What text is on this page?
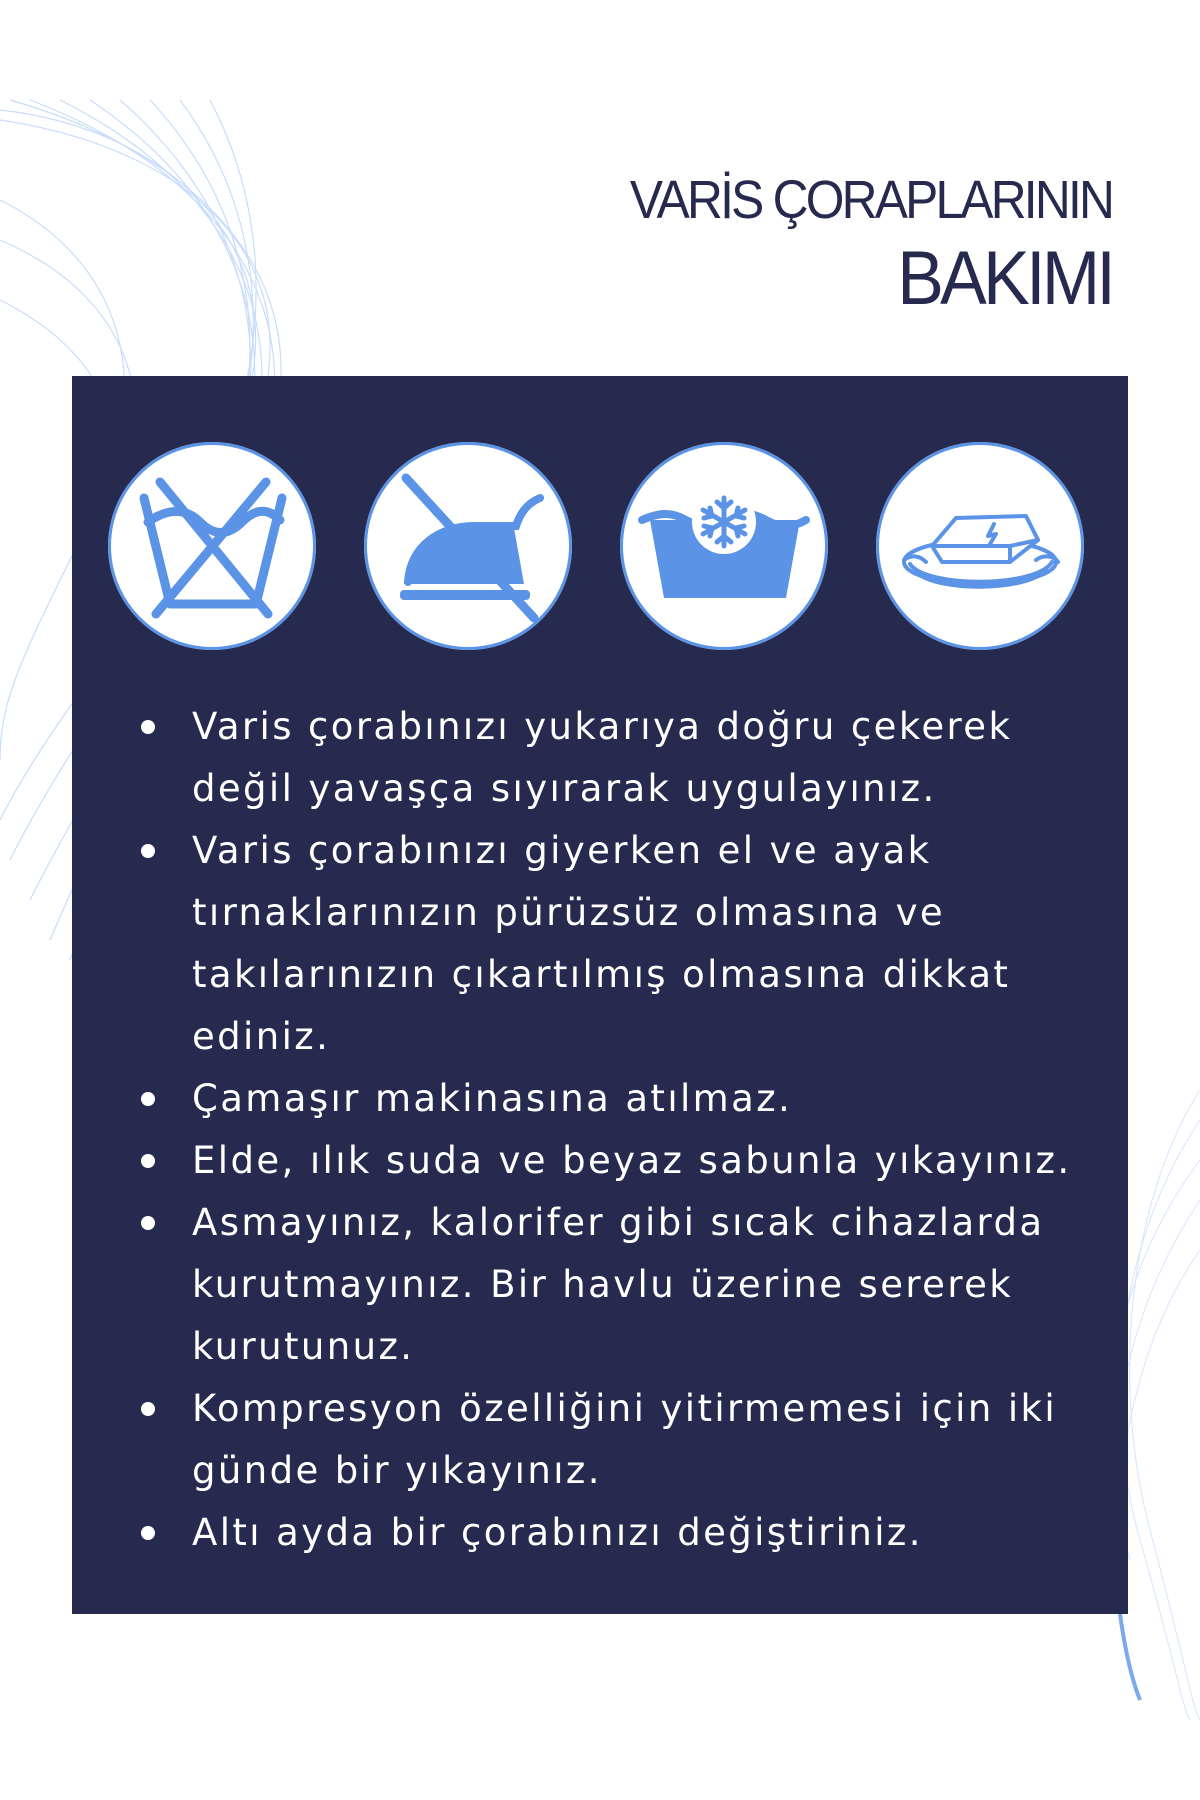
VARİS ÇORAPLARININ
BAKIMI
Varis çorabınızı yukarıya doğru çekerek değil yavaşça sıyırarak uygulayınız.
Varis çorabınızı giyerken el ve ayak tırnaklarınızın pürüzsüz olmasına ve takılarınızın çıkartılmış olmasına dikkat ediniz.
Çamaşır makinasına atılmaz.
Elde, ılık suda ve beyaz sabunla yıkayınız.
Asmayınız, kalorifer gibi sıcak cihazlarda kurutmayınız. Bir havlu üzerine sererek kurutunuz.
Kompresyon özelliğini yitirmemesi için iki günde bir yıkayınız.
Altı ayda bir çorabınızı değiştiriniz.
